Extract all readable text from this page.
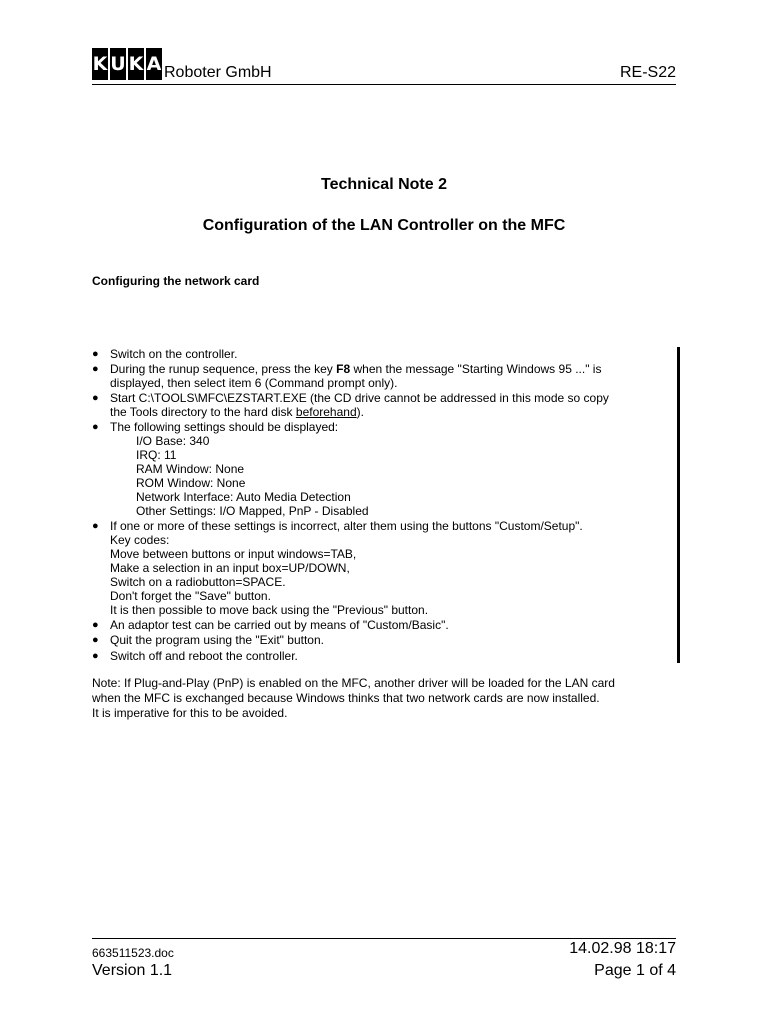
K U K A Roboter GmbH	RE-S22
Technical Note 2
Configuration of the LAN Controller on the MFC
Configuring the network card
● Switch on the controller.
● During the runup sequence, press the key F8 when the message "Starting Windows 95 ..." is
displayed, then select item 6 (Command prompt only).
● Start C:\TOOLS\MFC\EZSTART.EXE (the CD drive cannot be addressed in this mode so copy
the Tools directory to the hard disk beforehand).
● The following settings should be displayed:
I/O Base: 340
IRQ: 11
RAM Window: None
ROM Window: None
Network Interface: Auto Media Detection
Other Settings: I/O Mapped, PnP - Disabled
● If one or more of these settings is incorrect, alter them using the buttons "Custom/Setup".
Key codes:
Move between buttons or input windows=TAB,
Make a selection in an input box=UP/DOWN,
Switch on a radiobutton=SPACE.
Don't forget the "Save" button.
It is then possible to move back using the "Previous" button.
● An adaptor test can be carried out by means of "Custom/Basic".
● Quit the program using the "Exit" button.
● Switch off and reboot the controller.
Note: If Plug-and-Play (PnP) is enabled on the MFC, another driver will be loaded for the LAN card
when the MFC is exchanged because Windows thinks that two network cards are now installed.
It is imperative for this to be avoided.
663511523.doc	14.02.98 18:17
Version 1.1	Page 1 of 4
